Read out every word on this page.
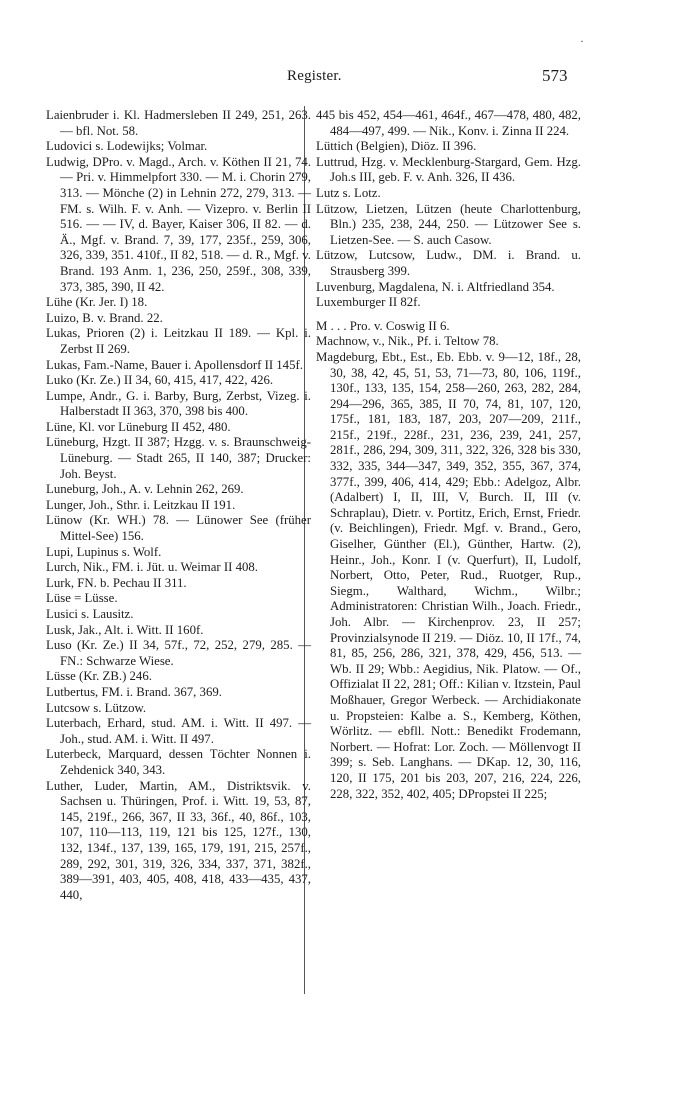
Register.	573

Laienbruder i. Kl. Hadmersleben II 249, 251, 263. — bfl. Not. 58.

Ludovici s. Lodewijks; Volmar.

Ludwig, DPro. v. Magd., Arch. v. Köthen II 21, 74. — Pri. v. Himmelpfort 330. — M. i. Chorin 279, 313. — Mönche (2) in Lehnin 272, 279, 313. — FM. s. Wilh. F. v. Anh. — Vizepro. v. Berlin II 516. — — IV, d. Bayer, Kaiser 306, II 82. — d. Ä., Mgf. v. Brand. 7, 39, 177, 235f., 259, 306, 326, 339, 351. 410f., II 82, 518. — d. R., Mgf. v. Brand. 193 Anm. 1, 236, 250, 259f., 308, 339, 373, 385, 390, II 42.

Lühe (Kr. Jer. I) 18.

Luizo, B. v. Brand. 22.

Lukas, Prioren (2) i. Leitzkau II 189. — Kpl. i. Zerbst II 269.

Lukas, Fam.-Name, Bauer i. Apollensdorf II 145f.

Luko (Kr. Ze.) II 34, 60, 415, 417, 422, 426.

Lumpe, Andr., G. i. Barby, Burg, Zerbst, Vizeg. i. Halberstadt II 363, 370, 398 bis 400.

Lüne, Kl. vor Lüneburg II 452, 480.

Lüneburg, Hzgt. II 387; Hzgg. v. s. Braunschweig-Lüneburg. — Stadt 265, II 140, 387; Drucker: Joh. Beyst.

Luneburg, Joh., A. v. Lehnin 262, 269.

Lunger, Joh., Sthr. i. Leitzkau II 191.

Lünow (Kr. WH.) 78. — Lünower See (früher Mittel-See) 156.

Lupi, Lupinus s. Wolf.

Lurch, Nik., FM. i. Jüt. u. Weimar II 408.

Lurk, FN. b. Pechau II 311.

Lüse = Lüsse.

Lusici s. Lausitz.

Lusk, Jak., Alt. i. Witt. II 160f.

Luso (Kr. Ze.) II 34, 57f., 72, 252, 279, 285. — FN.: Schwarze Wiese.

Lüsse (Kr. ZB.) 246.

Lutbertus, FM. i. Brand. 367, 369.

Lutcsow s. Lützow.

Luterbach, Erhard, stud. AM. i. Witt. II 497. — Joh., stud. AM. i. Witt. II 497.

Luterbeck, Marquard, dessen Töchter Nonnen i. Zehdenick 340, 343.

Luther, Luder, Martin, AM., Distriktsvik. v. Sachsen u. Thüringen, Prof. i. Witt. 19, 53, 87, 145, 219f., 266, 367, II 33, 36f., 40, 86f., 103, 107, 110—113, 119, 121 bis 125, 127f., 130, 132, 134f., 137, 139, 165, 179, 191, 215, 257f., 289, 292, 301, 319, 326, 334, 337, 371, 382f., 389—391, 403, 405, 408, 418, 433—435, 437, 440,

445 bis 452, 454—461, 464f., 467—478, 480, 482, 484—497, 499. — Nik., Konv. i. Zinna II 224.

Lüttich (Belgien), Diöz. II 396.

Luttrud, Hzg. v. Mecklenburg-Stargard, Gem. Hzg. Joh.s III, geb. F. v. Anh. 326, II 436.

Lutz s. Lotz.

Lützow, Lietzen, Lützen (heute Charlottenburg, Bln.) 235, 238, 244, 250. — Lützower See s. Lietzen-See. — S. auch Casow.

Lützow, Lutcsow, Ludw., DM. i. Brand. u. Strausberg 399.

Luvenburg, Magdalena, N. i. Altfriedland 354.

Luxemburger II 82f.

M . . . Pro. v. Coswig II 6.

Machnow, v., Nik., Pf. i. Teltow 78.

Magdeburg, Ebt., Est., Eb. Ebb. v. 9—12, 18f., 28, 30, 38, 42, 45, 51, 53, 71—73, 80, 106, 119f., 130f., 133, 135, 154, 258—260, 263, 282, 284, 294—296, 365, 385, II 70, 74, 81, 107, 120, 175f., 181, 183, 187, 203, 207—209, 211f., 215f., 219f., 228f., 231, 236, 239, 241, 257, 281f., 286, 294, 309, 311, 322, 326, 328 bis 330, 332, 335, 344—347, 349, 352, 355, 367, 374, 377f., 399, 406, 414, 429; Ebb.: Adelgoz, Albr. (Adalbert) I, II, III, V, Burch. II, III (v. Schraplau), Dietr. v. Portitz, Erich, Ernst, Friedr. (v. Beichlingen), Friedr. Mgf. v. Brand., Gero, Giselher, Günther (El.), Günther, Hartw. (2), Heinr., Joh., Konr. I (v. Querfurt), II, Ludolf, Norbert, Otto, Peter, Rud., Ruotger, Rup., Siegm., Walthard, Wichm., Wilbr.; Administratoren: Christian Wilh., Joach. Friedr., Joh. Albr. — Kirchenprov. 23, II 257; Provinzialsynode II 219. — Diöz. 10, II 17f., 74, 81, 85, 256, 286, 321, 378, 429, 456, 513. — Wb. II 29; Wbb.: Aegidius, Nik. Platow. — Of., Offizialat II 22, 281; Off.: Kilian v. Itzstein, Paul Moßhauer, Gregor Werbeck. — Archidiakonate u. Propsteien: Kalbe a. S., Kemberg, Köthen, Wörlitz. — ebfll. Nott.: Benedikt Frodemann, Norbert. — Hofrat: Lor. Zoch. — Möllenvogt II 399; s. Seb. Langhans. — DKap. 12, 30, 116, 120, II 175, 201 bis 203, 207, 216, 224, 226, 228, 322, 352, 402, 405; DPropstei II 225;

·
